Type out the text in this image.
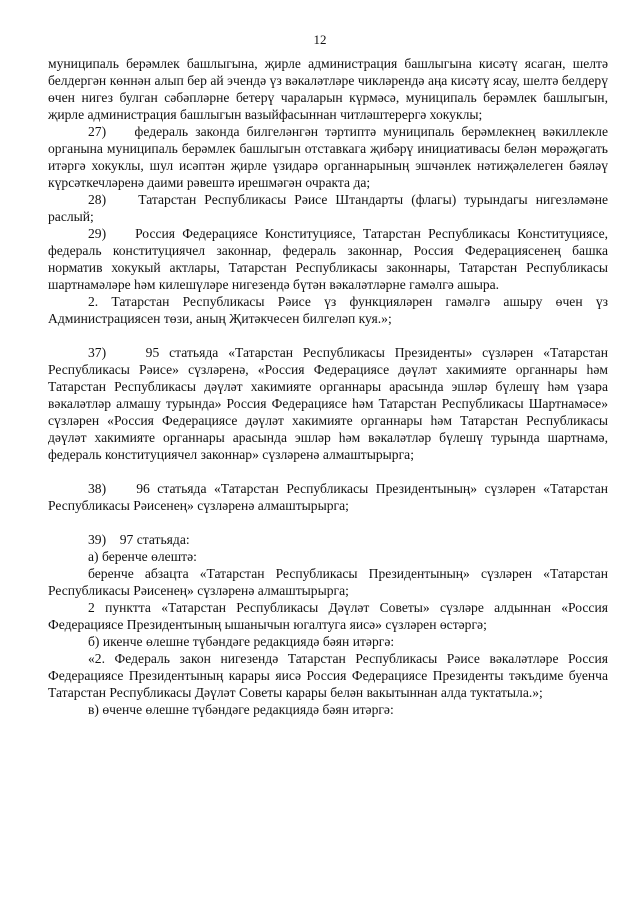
12

муниципаль берәмлек башлыгына, җирле администрация башлыгына кисәтү ясаган, шелтә белдергән көннән алып бер ай эчендә үз вәкаләтләре чикләрендә аңа кисәтү ясау, шелтә белдерү өчен нигез булган сәбәпләрне бетерү чараларын күрмәсә, муниципаль берәмлек башлыгын, җирле администрация башлыгын вазыйфасыннан читләштерергә хокуклы;

27)    федераль законда билгеләнгән тәртиптә муниципаль берәмлекнең вәкиллекле органына муниципаль берәмлек башлыгын отставкага җибәрү инициативасы белән мөрәҗәгать итәргә хокуклы, шул исәптән җирле үзидарә органнарының эшчәнлек нәтиҗәлелеген бәяләү күрсәткечләренә даими рәвештә ирешмәгән очракта да;

28)    Татарстан Республикасы Рәисе Штандарты (флагы) турындагы нигезләмәне раслый;

29)    Россия Федерациясе Конституциясе, Татарстан Республикасы Конституциясе, федераль конституциячел законнар, федераль законнар, Россия Федерациясенең башка норматив хокукый актлары, Татарстан Республикасы законнары, Татарстан Республикасы шартнамәләре һәм килешүләре нигезендә бүтән вәкаләтләрне гамәлгә ашыра.

2. Татарстан Республикасы Рәисе үз функцияләрен гамәлгә ашыру өчен үз Администрациясен төзи, аның Җитәкчесен билгеләп куя.»;

37)    95 статьяда «Татарстан Республикасы Президенты» сүзләрен «Татарстан Республикасы Рәисе» сүзләренә, «Россия Федерациясе дәүләт хакимияте органнары һәм Татарстан Республикасы дәүләт хакимияте органнары арасында эшләр бүлешү һәм үзара вәкаләтләр алмашу турында» Россия Федерациясе һәм Татарстан Республикасы Шартнамәсе» сүзләрен «Россия Федерациясе дәүләт хакимияте органнары һәм Татарстан Республикасы дәүләт хакимияте органнары арасында эшләр һәм вәкаләтләр бүлешү турында шартнамә, федераль конституциячел законнар» сүзләренә алмаштырырга;

38)    96 статьяда «Татарстан Республикасы Президентының» сүзләрен «Татарстан Республикасы Рәисенең» сүзләренә алмаштырырга;

39)    97 статьяда:

а) беренче өлештә:

беренче абзацта «Татарстан Республикасы Президентының» сүзләрен «Татарстан Республикасы Рәисенең» сүзләренә алмаштырырга;

2 пунктта «Татарстан Республикасы Дәүләт Советы» сүзләре алдыннан «Россия Федерациясе Президентының ышанычын югалтуга яисә» сүзләрен өстәргә;

б) икенче өлешне түбәндәге редакциядә бәян итәргә:

«2. Федераль закон нигезендә Татарстан Республикасы Рәисе вәкаләтләре Россия Федерациясе Президентының карары яисә Россия Федерациясе Президенты тәкъдиме буенча Татарстан Республикасы Дәүләт Советы карары белән вакытыннан алда туктатыла.»;

в) өченче өлешне түбәндәге редакциядә бәян итәргә:
